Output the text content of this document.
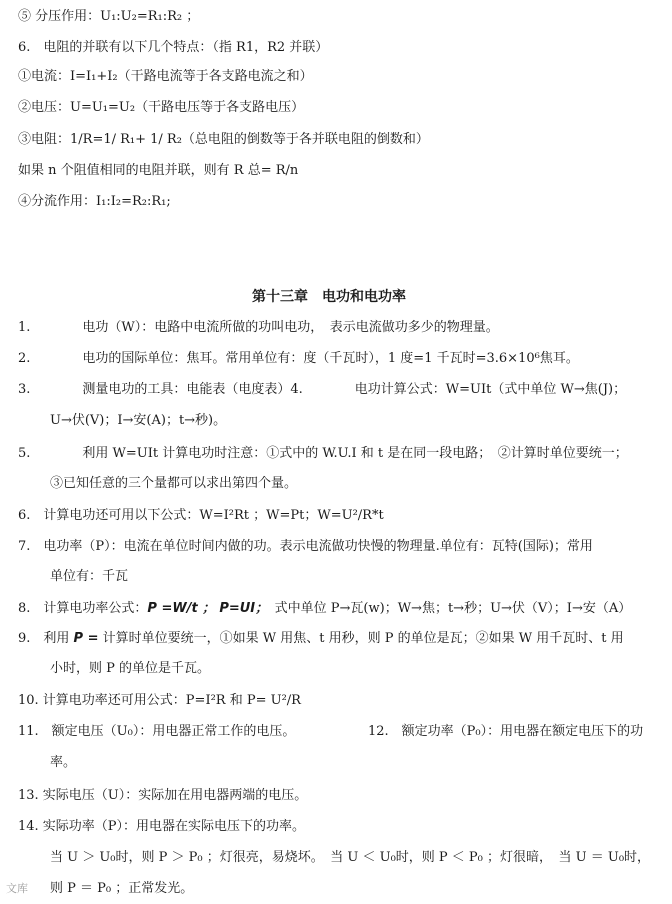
⑤ 分压作用：U₁:U₂=R₁:R₂ ；
6.　电阻的并联有以下几个特点：（指 R1，R2 并联）
①电流：I=I₁+I₂（干路电流等于各支路电流之和）
②电压：U=U₁=U₂（干路电压等于各支路电压）
③电阻：1/R=1/ R₁+ 1/ R₂（总电阻的倒数等于各并联电阻的倒数和）
如果 n 个阻值相同的电阻并联，则有 R 总= R/n
④分流作用：I₁:I₂=R₂:R₁;
第十三章　电功和电功率
1.　　　　电功（W）：电路中电流所做的功叫电功，　表示电流做功多少的物理量。
2.　　　　电功的国际单位：焦耳。常用单位有：度（千瓦时），1 度=1 千瓦时=3.6×10⁶焦耳。
3.　　　　测量电功的工具：电能表（电度表）4.　　　　电功计算公式：W=UIt（式中单位 W→焦(J)；
U→伏(V)；I→安(A)；t→秒)。
5.　　　　利用 W=UIt 计算电功时注意：①式中的 W.U.I 和 t 是在同一段电路；　②计算时单位要统一；
③已知任意的三个量都可以求出第四个量。
6.　计算电功还可用以下公式：W=I²Rt ；W=Pt；W=U²/R*t
7.　电功率（P）：电流在单位时间内做的功。表示电流做功快慢的物理量.单位有：瓦特(国际)；常用
单位有：千瓦
8.　计算电功率公式：P =W/t ； P=UI；　式中单位 P→瓦(w)；W→焦；t→秒；U→伏（V）；I→安（A）
9.　利用 P = 计算时单位要统一，①如果 W 用焦、t 用秒，则 P 的单位是瓦；②如果 W 用千瓦时、t 用
小时，则 P 的单位是千瓦。
10. 计算电功率还可用公式：P=I²R 和 P= U²/R
11.　额定电压（U₀）：用电器正常工作的电压。	12.　额定功率（P₀）：用电器在额定电压下的功
率。
13. 实际电压（U）：实际加在用电器两端的电压。
14. 实际功率（P）：用电器在实际电压下的功率。
当 U ＞ U₀时，则 P ＞ P₀ ；灯很亮，易烧坏。　当 U ＜ U₀时，则 P ＜ P₀ ；灯很暗，　当 U ＝ U₀时，
则 P ＝ P₀ ；正常发光。
文库
